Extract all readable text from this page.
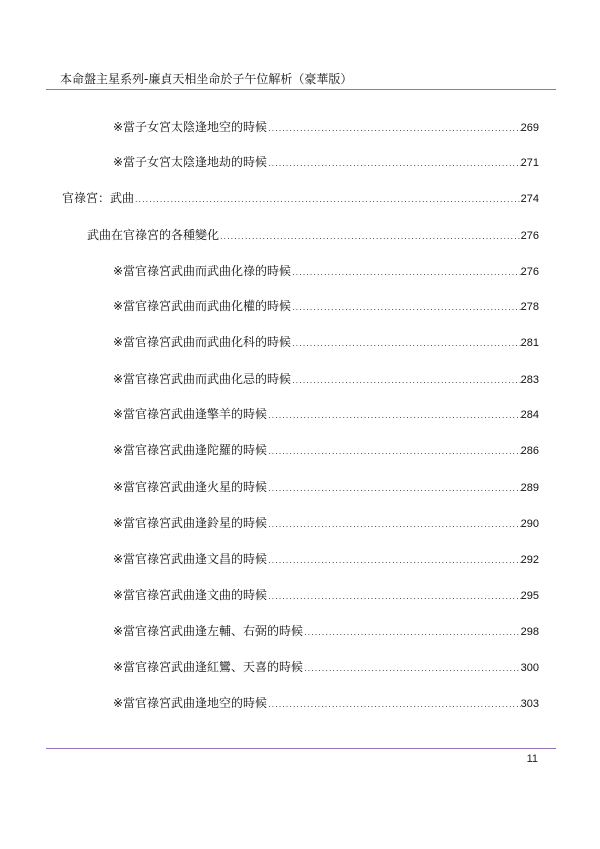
本命盤主星系列-廉貞天相坐命於子午位解析（豪華版）
※當子女宮太陰逢地空的時候 .....	269
※當子女宮太陰逢地劫的時候 .....	271
官祿宮：武曲 .....	274
武曲在官祿宮的各種變化 .....	276
※當官祿宮武曲而武曲化祿的時候 .....	276
※當官祿宮武曲而武曲化權的時候 .....	278
※當官祿宮武曲而武曲化科的時候 .....	281
※當官祿宮武曲而武曲化忌的時候 .....	283
※當官祿宮武曲逢擎羊的時候 .....	284
※當官祿宮武曲逢陀羅的時候 .....	286
※當官祿宮武曲逢火星的時候 .....	289
※當官祿宮武曲逢鈴星的時候 .....	290
※當官祿宮武曲逢文昌的時候 .....	292
※當官祿宮武曲逢文曲的時候 .....	295
※當官祿宮武曲逢左輔、右弼的時候 .....	298
※當官祿宮武曲逢紅鸞、天喜的時候 .....	300
※當官祿宮武曲逢地空的時候 .....	303
11
